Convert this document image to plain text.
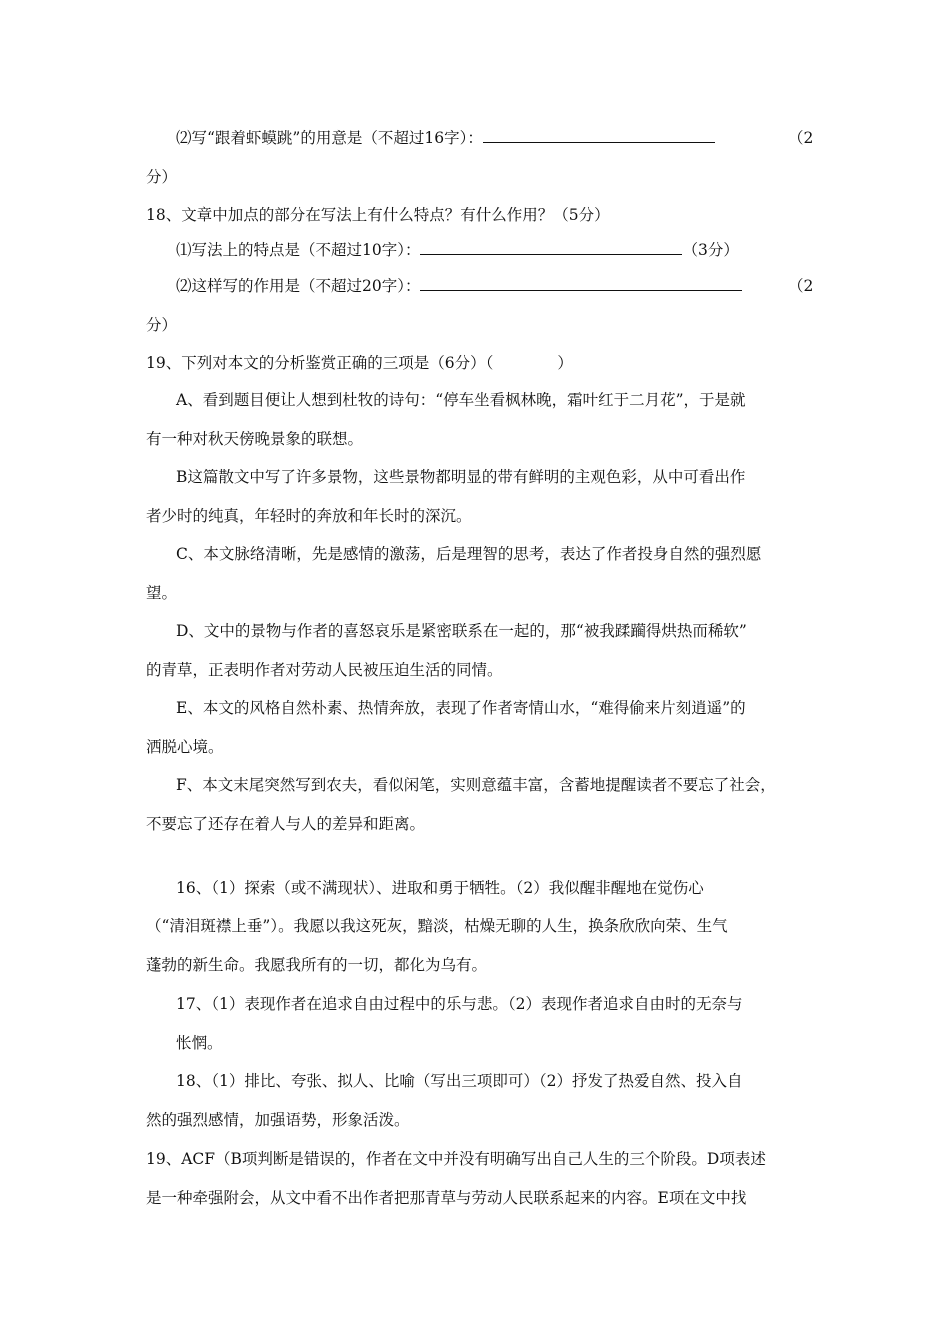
⑵写“跟着虾蟆跳”的用意是（不超过16字）：	（2
分）
18、文章中加点的部分在写法上有什么特点？有什么作用？（5分）
⑴写法上的特点是（不超过10字）：	（3分）
⑵这样写的作用是（不超过20字）：	（2
分）
19、下列对本文的分析鉴赏正确的三项是（6分）（	）
A、看到题目便让人想到杜牧的诗句：“停车坐看枫林晚，霜叶红于二月花”，于是就
有一种对秋天傍晚景象的联想。
B这篇散文中写了许多景物，这些景物都明显的带有鲜明的主观色彩，从中可看出作
者少时的纯真，年轻时的奔放和年长时的深沉。
C、本文脉络清晰，先是感情的激荡，后是理智的思考，表达了作者投身自然的强烈愿
望。
D、文中的景物与作者的喜怒哀乐是紧密联系在一起的，那“被我蹂躏得烘热而稀软”
的青草，正表明作者对劳动人民被压迫生活的同情。
E、本文的风格自然朴素、热情奔放，表现了作者寄情山水，“难得偷来片刻逍遥”的
洒脱心境。
F、本文末尾突然写到农夫，看似闲笔，实则意蕴丰富，含蓄地提醒读者不要忘了社会，
不要忘了还存在着人与人的差异和距离。
16、（1）探索（或不满现状）、进取和勇于牺牲。（2）我似醒非醒地在觉伤心
（“清泪斑襟上垂”）。我愿以我这死灰，黯淡，枯燥无聊的人生，换条欣欣向荣、生气
蓬勃的新生命。我愿我所有的一切，都化为乌有。
17、（1）表现作者在追求自由过程中的乐与悲。（2）表现作者追求自由时的无奈与
怅惘。
18、（1）排比、夸张、拟人、比喻（写出三项即可）（2）抒发了热爱自然、投入自
然的强烈感情，加强语势，形象活泼。
19、ACF（B项判断是错误的，作者在文中并没有明确写出自己人生的三个阶段。D项表述
是一种牵强附会，从文中看不出作者把那青草与劳动人民联系起来的内容。E项在文中找
